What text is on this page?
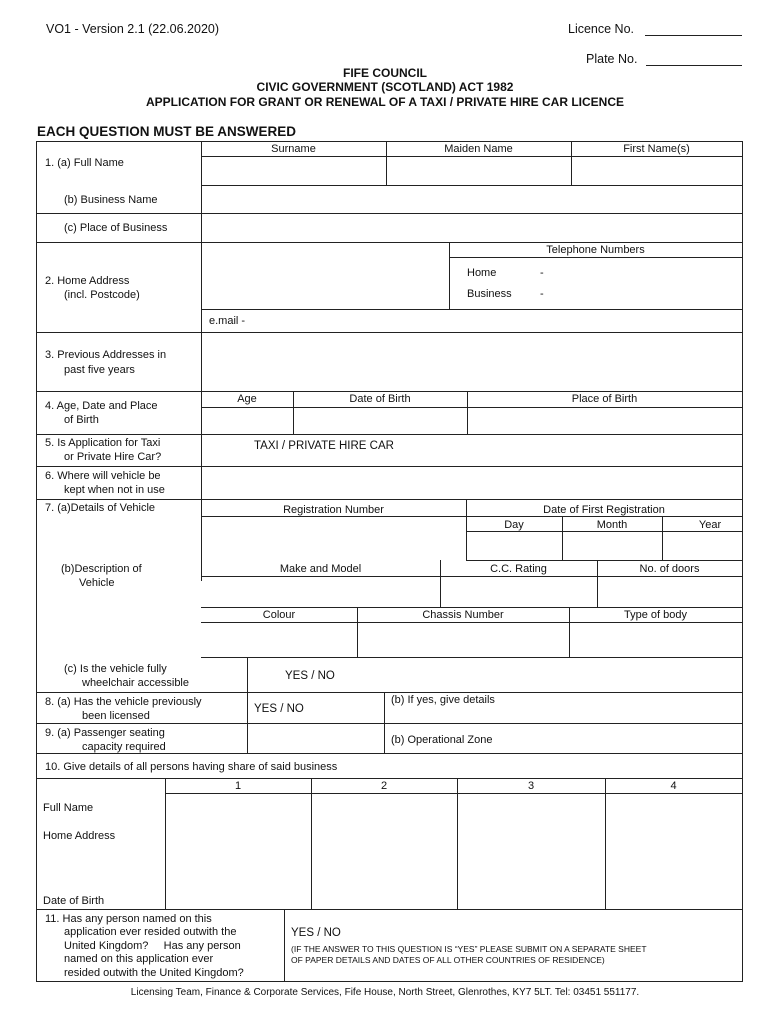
VO1 - Version 2.1 (22.06.2020)	Licence No.
Plate No.
FIFE COUNCIL
CIVIC GOVERNMENT (SCOTLAND) ACT 1982
APPLICATION FOR GRANT OR RENEWAL OF A TAXI / PRIVATE HIRE CAR LICENCE
EACH QUESTION MUST BE ANSWERED
1. (a) Full Name
Surname	Maiden Name	First Name(s)
(b) Business Name
(c) Place of Business
2. Home Address
(incl. Postcode)
Telephone Numbers
Home	-
Business	-
e.mail -
3. Previous Addresses in
past five years
4. Age, Date and Place
of Birth
Age	Date of Birth	Place of Birth
5. Is Application for Taxi
or Private Hire Car?
TAXI / PRIVATE HIRE CAR
6. Where will vehicle be
kept when not in use
7. (a)Details of Vehicle	Registration Number	Date of First Registration
Day	Month	Year
(b)Description of
Vehicle
Make and Model	C.C. Rating	No. of doors
Colour	Chassis Number	Type of body
(c) Is the vehicle fully
wheelchair accessible
YES / NO
8. (a) Has the vehicle previously
been licensed
YES / NO
(b) If yes, give details
9. (a) Passenger seating
capacity required
(b) Operational Zone
10. Give details of all persons having share of said business
1	2	3	4
Full Name
Home Address
Date of Birth
11. Has any person named on this
application ever resided outwith the
United Kingdom?     Has any person
named on this application ever
resided outwith the United Kingdom?
YES / NO
(IF THE ANSWER TO THIS QUESTION IS “YES” PLEASE SUBMIT ON A SEPARATE SHEET
OF PAPER DETAILS AND DATES OF ALL OTHER COUNTRIES OF RESIDENCE)
Licensing Team, Finance & Corporate Services, Fife House, North Street, Glenrothes, KY7 5LT. Tel: 03451 551177.
